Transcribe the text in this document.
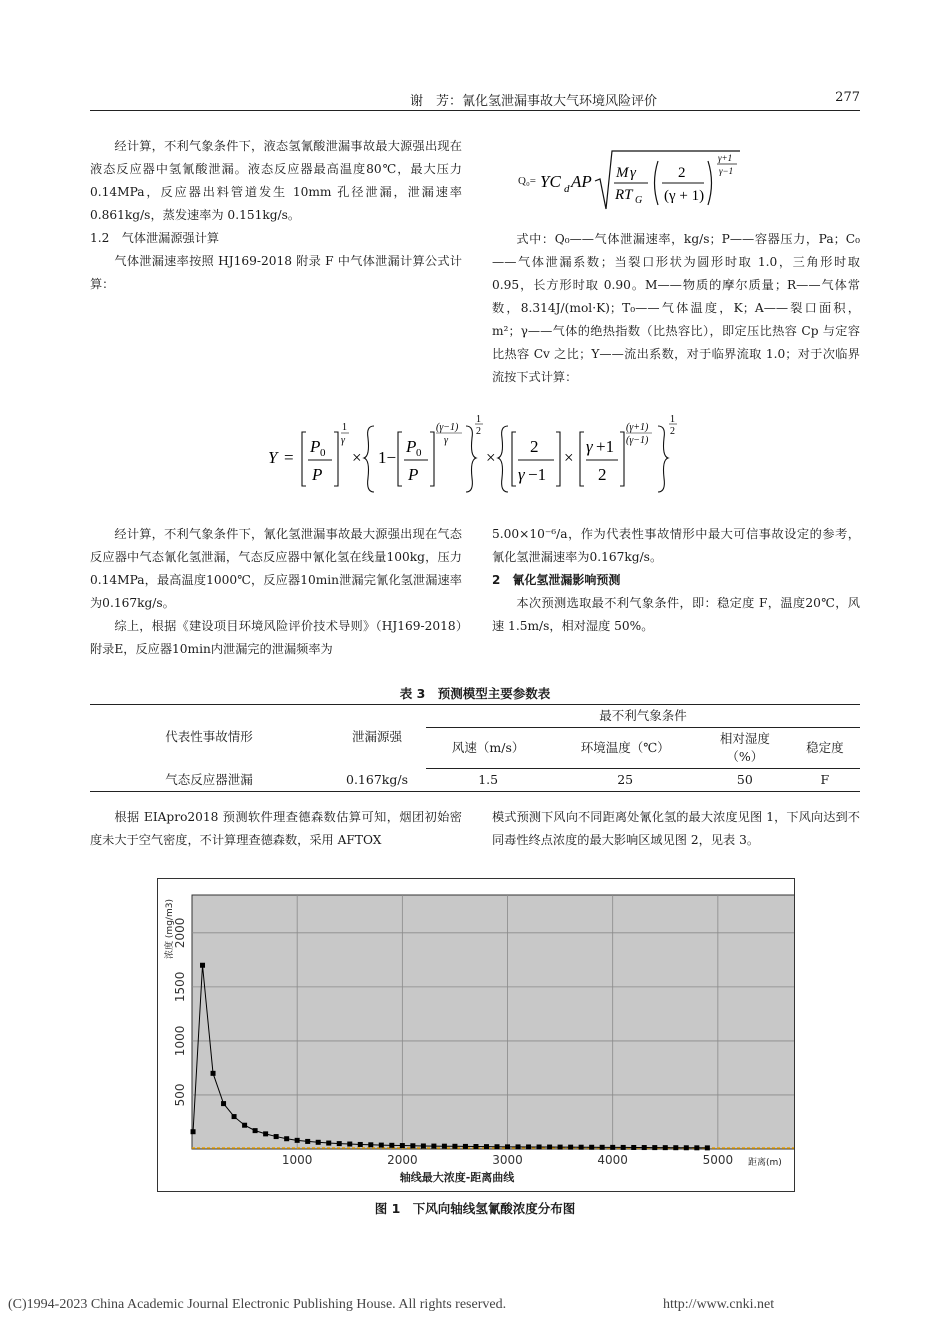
谢　芳：氰化氢泄漏事故大气环境风险评价	277

经计算，不利气象条件下，液态氢氰酸泄漏事故最大源强出现在液态反应器中氢氰酸泄漏。液态反应器最高温度80℃，最大压力 0.14MPa，反应器出料管道发生 10mm 孔径泄漏，泄漏速率 0.861kg/s，蒸发速率为 0.151kg/s。

1.2　气体泄漏源强计算

气体泄漏速率按照 HJ169-2018 附录 F 中气体泄漏计算公式计算：

Q₀= YC d AP M γ
RT G
2
(γ + 1)
γ+1
γ−1

式中：Q₀——气体泄漏速率，kg/s；P——容器压力，Pa；C₀——气体泄漏系数；当裂口形状为圆形时取 1.0，三角形时取 0.95，长方形时取 0.90。M——物质的摩尔质量；R——气体常数，8.314J/(mol·K)；T₀——气体温度，K；A——裂口面积，m²；γ——气体的绝热指数（比热容比），即定压比热容 Cp 与定容比热容 Cv 之比；Y——流出系数，对于临界流取 1.0；对于次临界流按下式计算：

Y =
P 0
P
1
γ
× 1−
P 0
P
(γ−1)
γ
1
2
×
2
γ −1
×
γ +1
2
(γ+1)
(γ−1)
1
2

经计算，不利气象条件下，氰化氢泄漏事故最大源强出现在气态反应器中气态氰化氢泄漏，气态反应器中氰化氢在线量100kg，压力0.14MPa，最高温度1000℃，反应器10min泄漏完氰化氢泄漏速率为0.167kg/s。

综上，根据《建设项目环境风险评价技术导则》（HJ169-2018）附录E，反应器10min内泄漏完的泄漏频率为

5.00×10⁻⁶/a，作为代表性事故情形中最大可信事故设定的参考，氰化氢泄漏速率为0.167kg/s。

2　氰化氢泄漏影响预测

本次预测选取最不利气象条件，即：稳定度 F，温度20℃，风速 1.5m/s，相对湿度 50%。

表 3　预测模型主要参数表
代表性事故情形	泄漏源强	最不利气象条件			
		风速（m/s）	环境温度（℃）	相对湿度
（%）	稳定度
气态反应器泄漏	0.167kg/s	1.5	25	50	F

根据 EIApro2018 预测软件理查德森数估算可知，烟团初始密度未大于空气密度，不计算理查德森数，采用 AFTOX

模式预测下风向不同距离处氰化氢的最大浓度见图 1，下风向达到不同毒性终点浓度的最大影响区域见图 2，见表 3。

500
1000
1500
2000
1000	2000	3000	4000	5000
浓度 (mg/m3)
距离(m)
轴线最大浓度-距离曲线
图 1　下风向轴线氢氰酸浓度分布图
(C)1994-2023 China Academic Journal Electronic Publishing House. All rights reserved.	http://www.cnki.net
